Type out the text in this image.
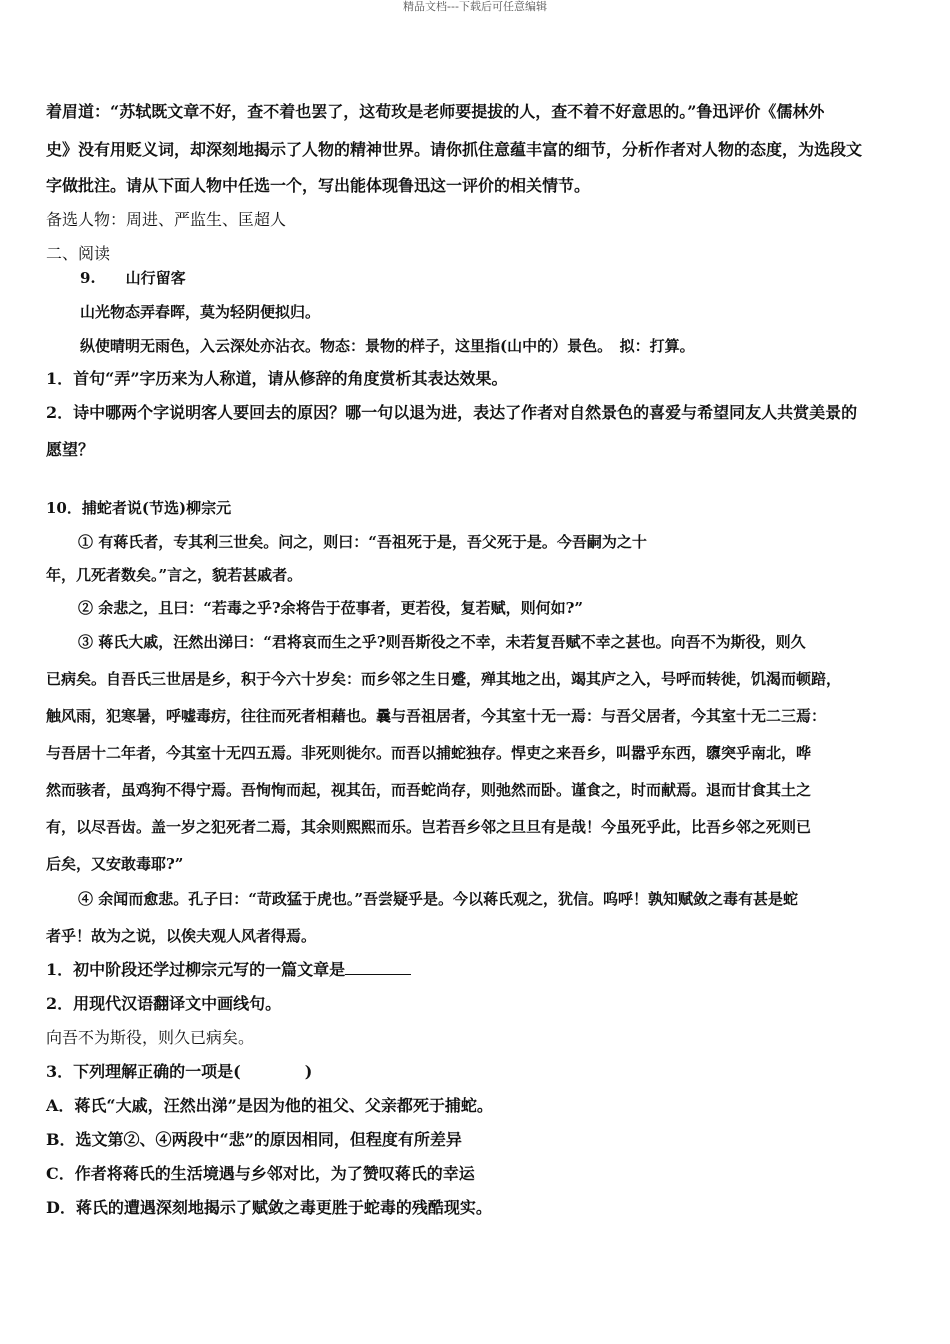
精品文档---下载后可任意编辑
着眉道：“苏轼既文章不好，查不着也罢了，这荀玫是老师要提拔的人，查不着不好意思的。”鲁迅评价《儒林外
史》没有用贬义词，却深刻地揭示了人物的精神世界。请你抓住意蕴丰富的细节，分析作者对人物的态度，为选段文
字做批注。请从下面人物中任选一个，写出能体现鲁迅这一评价的相关情节。
备选人物：周进、严监生、匡超人
二、阅读
9.　　山行留客
山光物态弄春晖，莫为轻阴便拟归。
纵使晴明无雨色，入云深处亦沾衣。物态：景物的样子，这里指(山中的）景色。　拟：打算。
1．首句“弄”字历来为人称道，请从修辞的角度赏析其表达效果。
2．诗中哪两个字说明客人要回去的原因？哪一句以退为进，表达了作者对自然景色的喜爱与希望同友人共赏美景的
愿望？
10．捕蛇者说(节选)柳宗元
① 有蒋氏者，专其利三世矣。问之，则曰：“吾祖死于是，吾父死于是。今吾嗣为之十
年，几死者数矣。”言之，貌若甚戚者。
② 余悲之，且曰：“若毒之乎?余将告于莅事者，更若役，复若赋，则何如?”
③ 蒋氏大戚，汪然出涕曰：“君将哀而生之乎?则吾斯役之不幸，未若复吾赋不幸之甚也。向吾不为斯役，则久
已病矣。自吾氏三世居是乡，积于今六十岁矣：而乡邻之生日蹙，殚其地之出，竭其庐之入，号呼而转徙，饥渴而顿踣，
触风雨，犯寒暑，呼嘘毒疠，往往而死者相藉也。曩与吾祖居者，今其室十无一焉：与吾父居者，今其室十无二三焉：
与吾居十二年者，今其室十无四五焉。非死则徙尔。而吾以捕蛇独存。悍吏之来吾乡，叫嚣乎东西，隳突乎南北，哗
然而骇者，虽鸡狗不得宁焉。吾恂恂而起，视其缶，而吾蛇尚存，则弛然而卧。谨食之，时而献焉。退而甘食其土之
有，以尽吾齿。盖一岁之犯死者二焉，其余则熙熙而乐。岂若吾乡邻之旦旦有是哉！今虽死乎此，比吾乡邻之死则已
后矣，又安敢毒耶?”
④ 余闻而愈悲。孔子曰：“苛政猛于虎也。”吾尝疑乎是。今以蒋氏观之，犹信。呜呼！孰知赋敛之毒有甚是蛇
者乎！故为之说，以俟夫观人风者得焉。
1．初中阶段还学过柳宗元写的一篇文章是
2．用现代汉语翻译文中画线句。
向吾不为斯役，则久已病矣。
3．下列理解正确的一项是(　　　　)
A．蒋氏“大戚，汪然出涕”是因为他的祖父、父亲都死于捕蛇。
B．选文第②、④两段中“悲”的原因相同，但程度有所差异
C．作者将蒋氏的生活境遇与乡邻对比，为了赞叹蒋氏的幸运
D．蒋氏的遭遇深刻地揭示了赋敛之毒更胜于蛇毒的残酷现实。
